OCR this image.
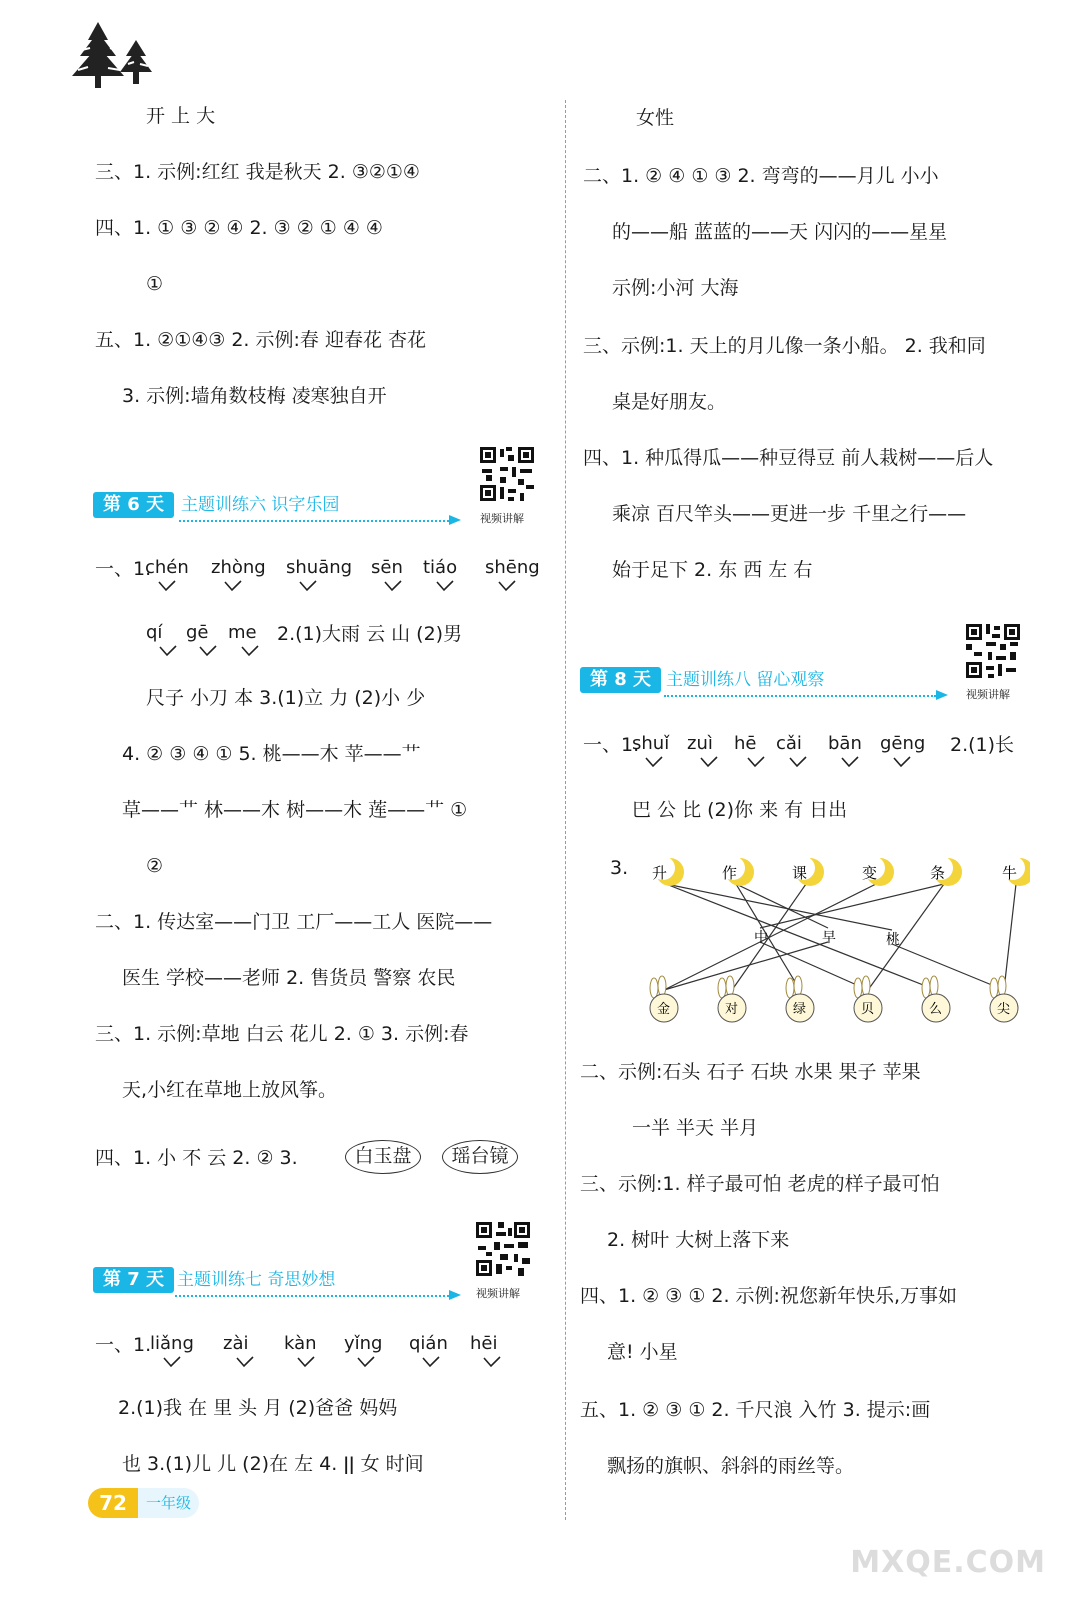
开 上 大
三、1. 示例:红红 我是秋天 2. ③②①④
四、1. ① ③ ② ④ 2. ③ ② ① ④ ④
①
五、1. ②①④③ 2. 示例:春 迎春花 杏花
3. 示例:墙角数枝梅 凌寒独自开
第 6 天 主题训练六 识字乐园
视频讲解
一、1.
2.(1)大雨 云 山 (2)男
尺子 小刀 本 3.(1)立 力 (2)小 少
4. ② ③ ④ ① 5. 桃——木 苹——艹
草——艹 林——木 树——木 莲——艹 ①
②
二、1. 传达室——门卫 工厂——工人 医院——
医生 学校——老师 2. 售货员 警察 农民
三、1. 示例:草地 白云 花儿 2. ① 3. 示例:春
天,小红在草地上放风筝。
四、1. 小 不 云 2. ② 3.
chén zhòng shuāng sēn tiáo shēng
qí gē me
白玉盘	瑶台镜
第 7 天 主题训练七 奇思妙想
视频讲解
一、1.
2.(1)我 在 里 头 月 (2)爸爸 妈妈
也 3.(1)儿 儿 (2)在 左 4. ǀǀ 女 时间
liǎng zài kàn yǐng qián hēi
女性
二、1. ② ④ ① ③ 2. 弯弯的——月儿 小小
的——船 蓝蓝的——天 闪闪的——星星
示例:小河 大海
三、示例:1. 天上的月儿像一条小船。 2. 我和同
桌是好朋友。
四、1. 种瓜得瓜——种豆得豆 前人栽树——后人
乘凉 百尺竿头——更进一步 千里之行——
始于足下 2. 东 西 左 右
第 8 天 主题训练八 留心观察
视频讲解
一、1.	2.(1)长
巴 公 比 (2)你 来 有 日出
3.
二、示例:石头 石子 石块 水果 果子 苹果
一半 半天 半月
三、示例:1. 样子最可怕 老虎的样子最可怕
2. 树叶 大树上落下来
四、1. ② ③ ① 2. 示例:祝您新年快乐,万事如
意! 小星
五、1. ② ③ ① 2. 千尺浪 入竹 3. 提示:画
飘扬的旗帜、斜斜的雨丝等。
shuǐ zuì hē cǎi bān gēng
升	作	课	变	条	牛
中	早	桃
金	对	绿	贝	么	尖
72	一年级
MXQE.COM
